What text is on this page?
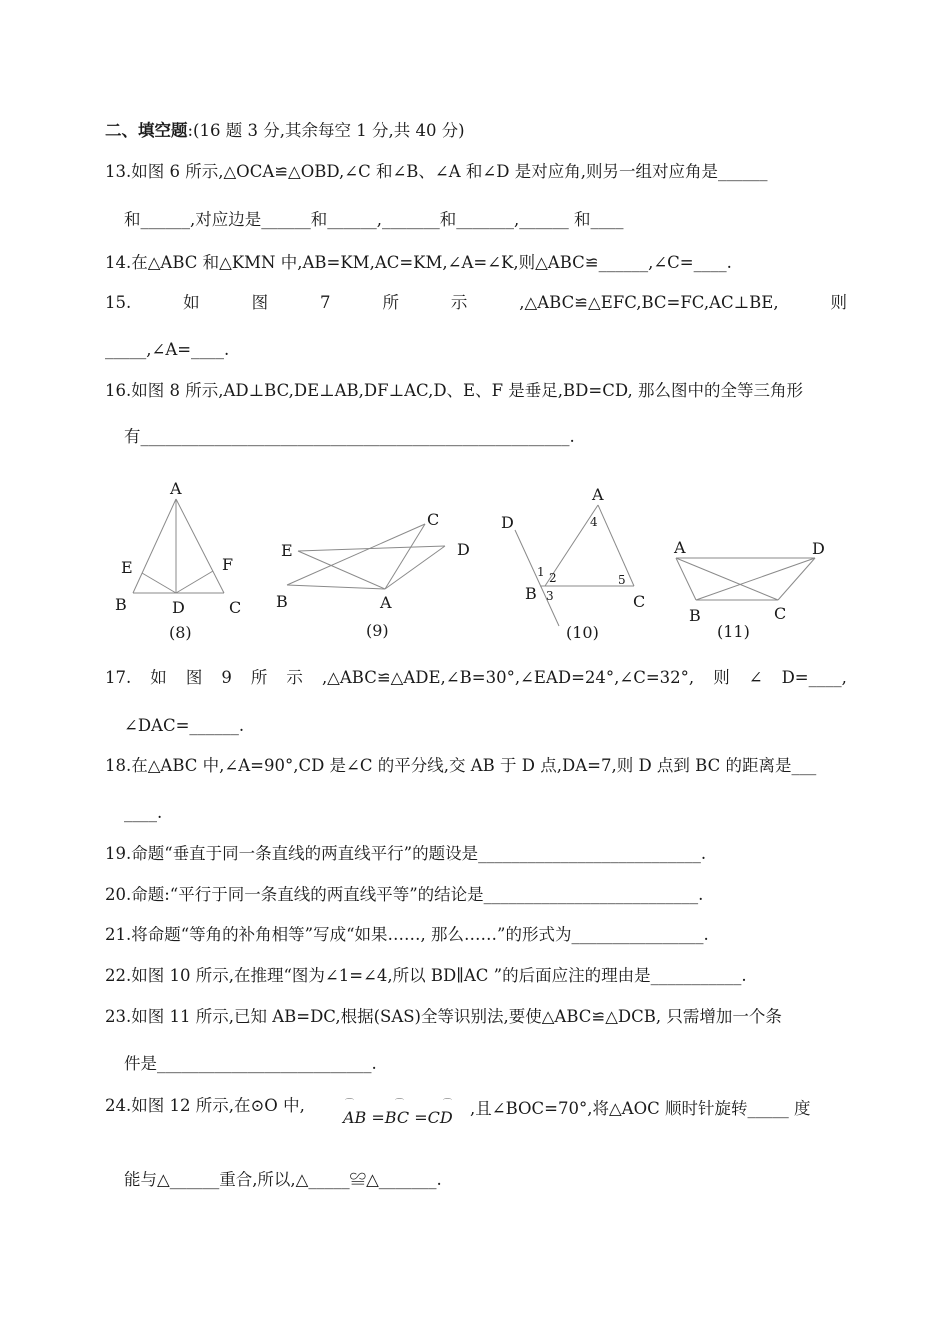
二、填空题:(16 题 3 分,其余每空 1 分,共 40 分)
13.如图 6 所示,△OCA≌△OBD,∠C 和∠B、∠A 和∠D 是对应角,则另一组对应角是______
和______,对应边是______和______,_______和_______,______ 和____
14.在△ABC 和△KMN 中,AB=KM,AC=KM,∠A=∠K,则△ABC≌______,∠C=____.
15.	如	图	7	所	示	,△ABC≌△EFC,BC=FC,AC⊥BE,	则
_____,∠A=____.
16.如图 8 所示,AD⊥BC,DE⊥AB,DF⊥AC,D、E、F 是垂足,BD=CD, 那么图中的全等三角形
有____________________________________________________.
A
E	F
B	D	C
(8)
C
E	D
B	A
(9)
A
4
D
1 2	5
B 3	C
(10)
A	D
B	C
(11)
17. 如 图 9 所 示 ,△ABC≌△ADE,∠B=30°,∠EAD=24°,∠C=32°, 则 ∠ D=____,
∠DAC=______.
18.在△ABC 中,∠A=90°,CD 是∠C 的平分线,交 AB 于 D 点,DA=7,则 D 点到 BC 的距离是___
____.
19.命题“垂直于同一条直线的两直线平行”的题设是___________________________.
20.命题:“平行于同一条直线的两直线平等”的结论是__________________________.
21.将命题“等角的补角相等”写成“如果……, 那么……”的形式为________________.
22.如图 10 所示,在推理“图为∠1=∠4,所以 BD∥AC ”的后面应注的理由是___________.
23.如图 11 所示,已知 AB=DC,根据(SAS)全等识别法,要使△ABC≌△DCB, 只需增加一个条
件是__________________________.
24.如图 12 所示,在⊙O 中,	⌒	⌒	⌒
AB =BC =CD ,且∠BOC=70°,将△AOC 顺时针旋转_____ 度
能与△______重合,所以,△_____≌△_______.
